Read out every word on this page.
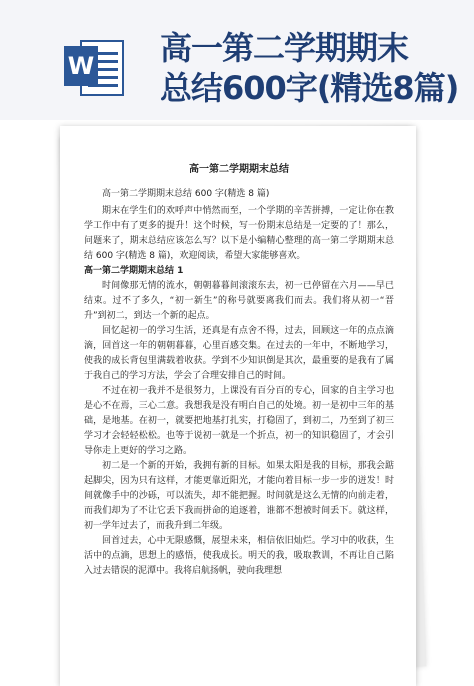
W 高一第二学期期末
总结600字(精选8篇)
高一第二学期期末总结
高一第二学期期末总结 600 字(精选 8 篇)

期末在学生们的欢呼声中悄然而至，一个学期的辛苦拼搏，一定让你在教学工作中有了更多的提升！这个时候，写一份期末总结是一定要的了！那么，问题来了，期末总结应该怎么写？以下是小编精心整理的高一第二学期期末总结 600 字(精选 8 篇)，欢迎阅读，希望大家能够喜欢。

高一第二学期期末总结 1

时间像那无情的流水，朝朝暮暮间滚滚东去，初一已停留在六月——早已结束。过不了多久，“初一新生”的称号就要离我们而去。我们将从初一“晋升”到初二，到达一个新的起点。

回忆起初一的学习生活，还真是有点舍不得，过去，回顾这一年的点点滴滴，回首这一年的朝朝暮暮，心里百感交集。在过去的一年中，不断地学习，使我的成长背包里满载着收获。学到不少知识倒是其次，最重要的是我有了属于我自己的学习方法，学会了合理安排自己的时间。

不过在初一我并不是很努力，上课没有百分百的专心，回家的自主学习也是心不在焉，三心二意。我想我是没有明白自己的处境。初一是初中三年的基础，是地基。在初一，就要把地基打扎实，打稳固了，到初二，乃至到了初三学习才会轻轻松松。也等于说初一就是一个折点，初一的知识稳固了，才会引导你走上更好的学习之路。

初二是一个新的开始，我拥有新的目标。如果太阳是我的目标，那我会踮起脚尖，因为只有这样，才能更靠近阳光，才能向着目标一步一步的迸发！时间就像手中的沙砾，可以流失，却不能把握。时间就是这么无情的向前走着，而我们却为了不让它丢下我而拼命的追逐着，谁都不想被时间丢下。就这样，初一学年过去了，而我升到二年级。

回首过去，心中无限感慨，展望未来，相信依旧灿烂。学习中的收获，生活中的点滴，思想上的感悟，使我成长。明天的我，吸取教训，不再让自己陷入过去错误的泥潭中。我将启航扬帆，驶向我理想
